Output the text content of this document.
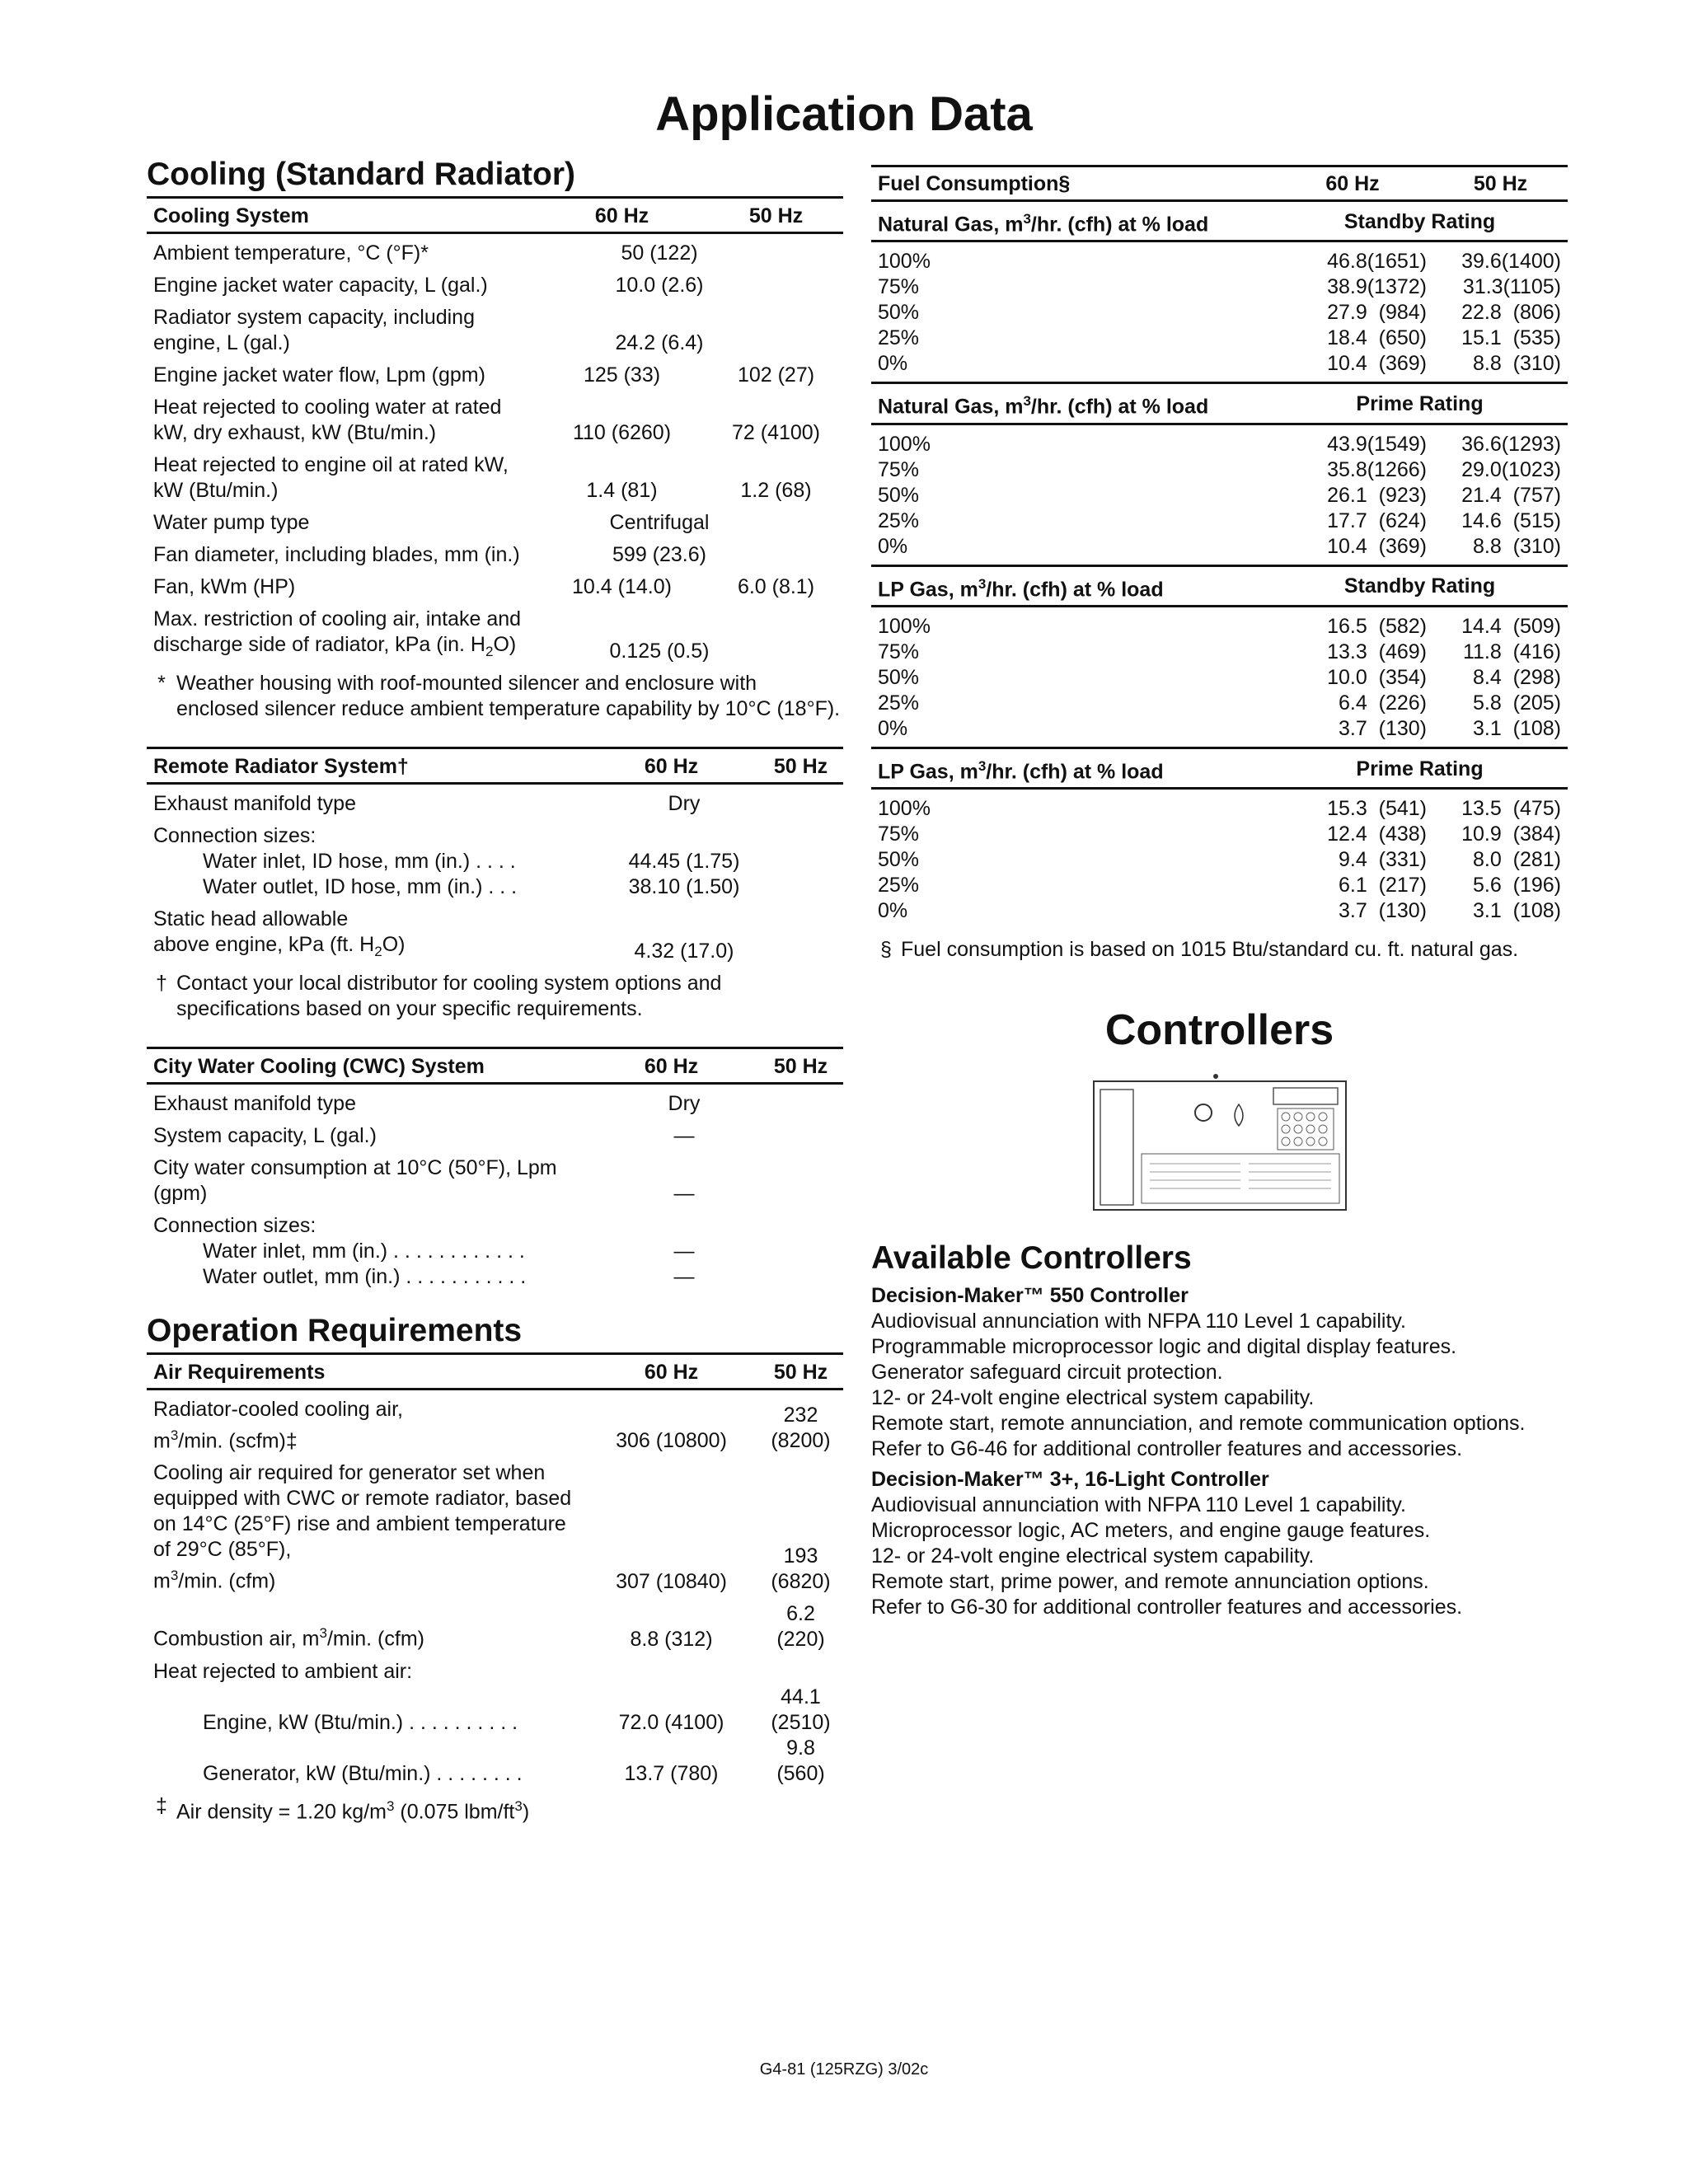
Application Data
Cooling (Standard Radiator)
Cooling System	60 Hz	50 Hz
Ambient temperature, °C (°F)*	50 (122)	
Engine jacket water capacity, L (gal.)	10.0 (2.6)	
Radiator system capacity, including engine, L (gal.)	24.2 (6.4)	
Engine jacket water flow, Lpm (gpm)	125 (33)	102 (27)
Heat rejected to cooling water at rated kW, dry exhaust, kW (Btu/min.)	110 (6260)	72 (4100)
Heat rejected to engine oil at rated kW, kW (Btu/min.)	1.4 (81)	1.2 (68)
Water pump type	Centrifugal	
Fan diameter, including blades, mm (in.)	599 (23.6)	
Fan, kWm (HP)	10.4 (14.0)	6.0 (8.1)
Max. restriction of cooling air, intake and discharge side of radiator, kPa (in. $H_2O$)	0.125 (0.5)	
* Weather housing with roof-mounted silencer and enclosure with enclosed silencer reduce ambient temperature capability by 10°C (18°F).
Remote Radiator System†	60 Hz	50 Hz
Exhaust manifold type	Dry	
Connection sizes:		
Water inlet, ID hose, mm (in.) . . . .	44.45 (1.75)	
Water outlet, ID hose, mm (in.) . . .	38.10 (1.50)	
Static head allowable
above engine, kPa (ft. $H_2O$)	4.32 (17.0)	
† Contact your local distributor for cooling system options and specifications based on your specific requirements.
City Water Cooling (CWC) System	60 Hz	50 Hz
Exhaust manifold type	Dry	
System capacity, L (gal.)	—	
City water consumption at 10°C (50°F), Lpm (gpm)	—	
Connection sizes:		
Water inlet, mm (in.) . . . . . . . . . . . .	—	
Water outlet, mm (in.) . . . . . . . . . . .	—	
Operation Requirements
Air Requirements	60 Hz	50 Hz
Radiator-cooled cooling air,
$m^3/\min$. (scfm)‡	306 (10800)	232 (8200)
Cooling air required for generator set when equipped with CWC or remote radiator, based on 14°C (25°F) rise and ambient temperature of 29°C (85°F),
$m^3/\min$. (cfm)	307 (10840)	193 (6820)
Combustion air, $m^3/\min$. (cfm)	8.8 (312)	6.2 (220)
Heat rejected to ambient air:		
Engine, kW (Btu/min.) . . . . . . . . . .	72.0 (4100)	44.1 (2510)
Generator, kW (Btu/min.) . . . . . . . .	13.7 (780)	9.8 (560)
‡ Air density = 1.20 $kg/m^3$ (0.075 lbm/$ft^3$)
Fuel Consumption§	60 Hz	50 Hz
Natural Gas, $m^3/hr$. (cfh) at % load	Standby Rating	
100%	46.8(1651)	39.6(1400)
75%	38.9(1372)	31.3(1105)
50%	27.9  (984)	22.8  (806)
25%	18.4  (650)	15.1  (535)
0%	10.4  (369)	8.8  (310)
Natural Gas, $m^3/hr$. (cfh) at % load	Prime Rating	
100%	43.9(1549)	36.6(1293)
75%	35.8(1266)	29.0(1023)
50%	26.1  (923)	21.4  (757)
25%	17.7  (624)	14.6  (515)
0%	10.4  (369)	8.8  (310)
LP Gas, $m^3/hr$. (cfh) at % load	Standby Rating	
100%	16.5  (582)	14.4  (509)
75%	13.3  (469)	11.8  (416)
50%	10.0  (354)	8.4  (298)
25%	6.4  (226)	5.8  (205)
0%	3.7  (130)	3.1  (108)
LP Gas, $m^3/hr$. (cfh) at % load	Prime Rating	
100%	15.3  (541)	13.5  (475)
75%	12.4  (438)	10.9  (384)
50%	9.4  (331)	8.0  (281)
25%	6.1  (217)	5.6  (196)
0%	3.7  (130)	3.1  (108)
§ Fuel consumption is based on 1015 Btu/standard cu. ft. natural gas.
Controllers
Available Controllers

Decision-Maker™ 550 Controller

Audiovisual annunciation with NFPA 110 Level 1 capability.

Programmable microprocessor logic and digital display features.

Generator safeguard circuit protection.

12- or 24-volt engine electrical system capability.

Remote start, remote annunciation, and remote communication options.

Refer to G6-46 for additional controller features and accessories.

Decision-Maker™ 3+, 16-Light Controller

Audiovisual annunciation with NFPA 110 Level 1 capability.

Microprocessor logic, AC meters, and engine gauge features.

12- or 24-volt engine electrical system capability.

Remote start, prime power, and remote annunciation options.

Refer to G6-30 for additional controller features and accessories.

G4-81 (125RZG) 3/02c
